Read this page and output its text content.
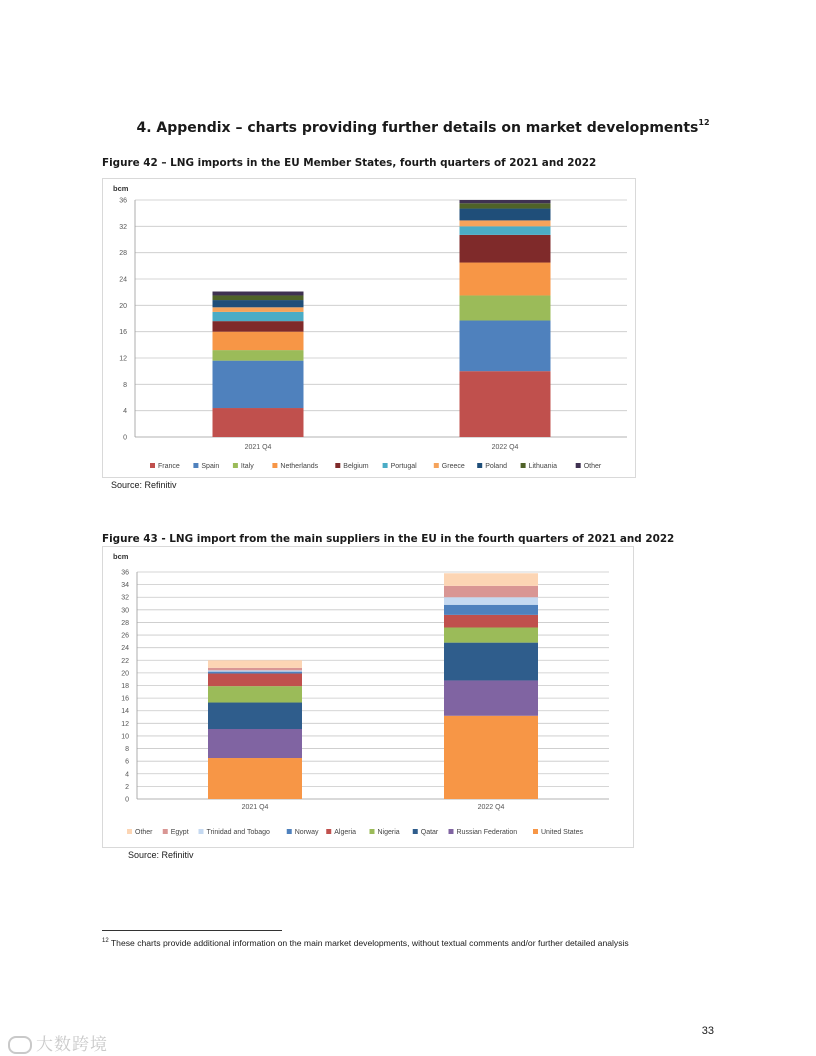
4. Appendix – charts providing further details on market developments$^{12}$
Figure 42 – LNG imports in the EU Member States, fourth quarters of 2021 and 2022
bcm
0
4
8
12
16
20
24
28
32
36
2021 Q4	2022 Q4
France	Spain	Italy	Netherlands	Belgium	Portugal	Greece	Poland	Lithuania	Other
Source: Refinitiv
Figure 43 - LNG import from the main suppliers in the EU in the fourth quarters of 2021 and 2022
bcm
0
2
4
6
8
10
12
14
16
18
20
22
24
26
28
30
32
34
36
2021 Q4	2022 Q4
Other	Egypt	Trinidad and Tobago	Norway Algeria	Nigeria	Qatar	Russian Federation	United States
Source: Refinitiv
$^{12}$ These charts provide additional information on the main market developments, without textual comments and/or further detailed analysis
33
大数跨境
